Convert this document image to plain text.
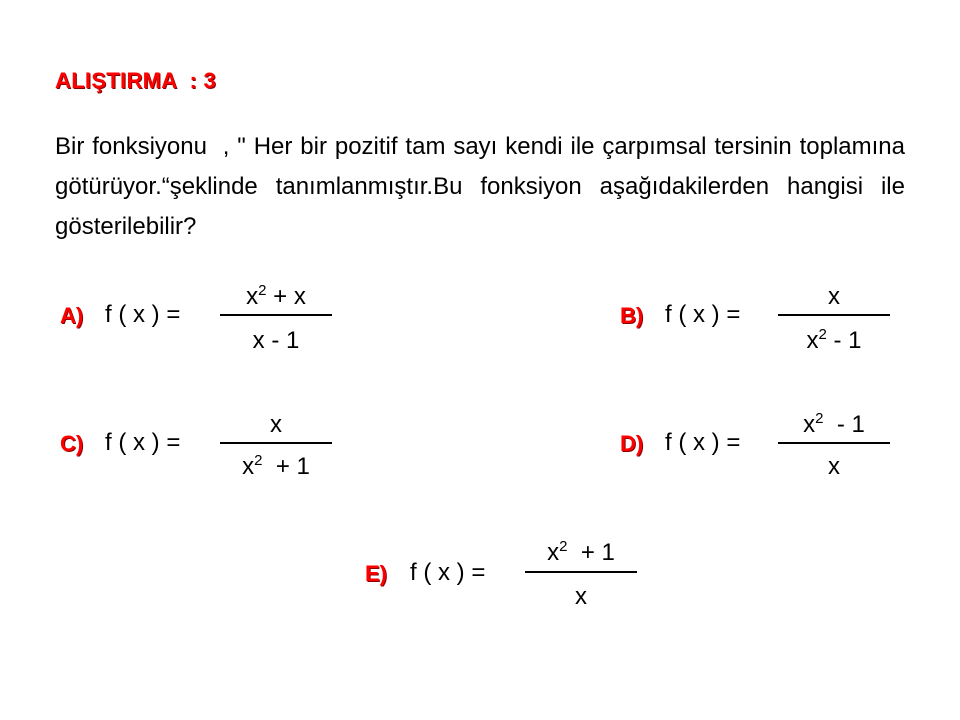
ALIŞTIRMA  : 3
Bir fonksiyonu  , " Her bir pozitif tam sayı kendi ile çarpımsal tersinin toplamına götürüyor.“şeklinde tanımlanmıştır.Bu fonksiyon aşağıdakilerden hangisi ile gösterilebilir?
A) f ( x ) =
$x^2 + x$
x - 1
B) f ( x ) =
x
$x^2 - 1$
C) f ( x ) =
x
$x^2 + 1$
D) f ( x ) =
$x^2 - 1$
x
E) f ( x ) =
$x^2 + 1$
x
